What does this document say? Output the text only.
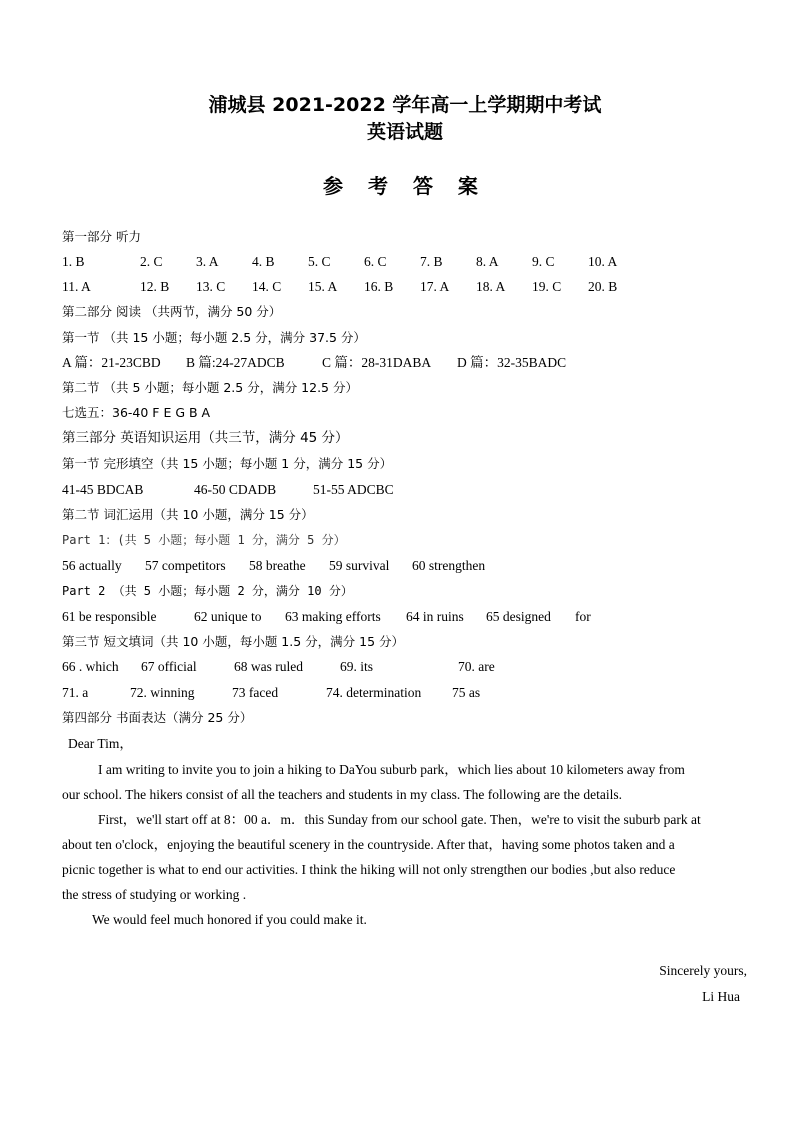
浦城县 2021-2022 学年高一上学期期中考试
英语试题
参 考 答 案
第一部分 听力
1. B	2. C 3. A 4. B 5. C 6. C 7. B 8. A 9. C 10. A
11. A	12. B 13. C 14. C 15. A 16. B 17. A 18. A 19. C 20. B
第二部分 阅读 （共两节，满分 50 分）
第一节 （共 15 小题；每小题 2.5 分，满分 37.5 分）
A 篇：21-23CBD B 篇:24-27ADCB	C 篇：28-31DABA D 篇：32-35BADC
第二节 （共 5 小题；每小题 2.5 分，满分 12.5 分）
七选五：36-40 F E G B A
第三部分 英语知识运用（共三节，满分 45 分）
第一节 完形填空（共 15 小题；每小题 1 分，满分 15 分）
41-45 BDCAB	46-50 CDADB	51-55 ADCBC
第二节 词汇运用（共 10 小题，满分 15 分）
Part 1：(共 5 小题；每小题 1 分，满分 5 分）
56 actually 57 competitors 58 breathe 59 survival 60 strengthen
Part 2 （共 5 小题；每小题 2 分，满分 10 分）
61 be responsible	62 unique to 63 making efforts 64 in ruins 65 designed for
第三节 短文填词（共 10 小题，每小题 1.5 分，满分 15 分）
66 . which 67 official	68 was ruled	69. its	70. are
71. a	72. winning	73 faced	74. determination 75 as
第四部分 书面表达（满分 25 分）
Dear Tim，
I am writing to invite you to join a hiking to DaYou suburb park，which lies about 10 kilometers away from
our school. The hikers consist of all the teachers and students in my class. The following are the details.
First，we'll start off at 8：00 a．m．this Sunday from our school gate. Then，we're to visit the suburb park at
about ten o'clock，enjoying the beautiful scenery in the countryside. After that，having some photos taken and a
picnic together is what to end our activities. I think the hiking will not only strengthen our bodies ,but also reduce
the stress of studying or working .
We would feel much honored if you could make it.
Sincerely yours,
Li Hua
